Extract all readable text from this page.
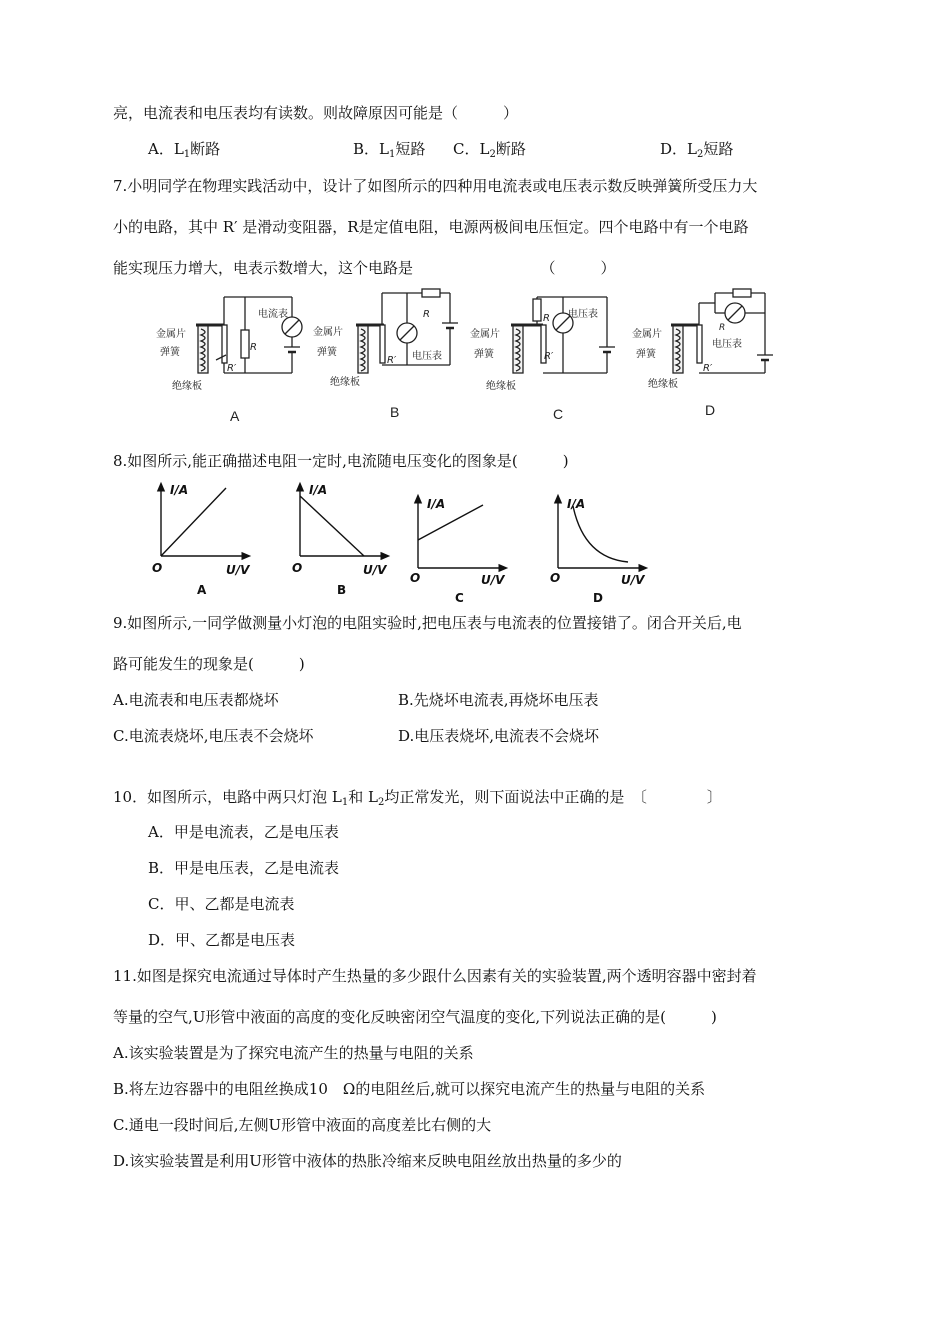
亮，电流表和电压表均有读数。则故障原因可能是（　　　）
A．$L_1$断路	B．$L_1$短路 C．$L_2$断路	D．$L_2$短路
7.小明同学在物理实践活动中，设计了如图所示的四种用电流表或电压表示数反映弹簧所受压力大
小的电路，其中 R′ 是滑动变阻器，R是定值电阻，电源两极间电压恒定。四个电路中有一个电路
能实现压力增大，电表示数增大，这个电路是　　　　　　　　　（　　　）
电流表
金属片
弹簧
绝缘板
R
R′
A
金属片
弹簧
绝缘板
电压表
R
R′
B
金属片
弹簧
绝缘板
电压表
R
R′
C
金属片
弹簧
绝缘板
电压表
R
R′
D
8.如图所示,能正确描述电阻一定时,电流随电压变化的图象是(　　　)
I/A
O	U/V
A
I/A
O	U/V
B
I/A
O	U/V
C
I/A
O	U/V
D
9.如图所示,一同学做测量小灯泡的电阻实验时,把电压表与电流表的位置接错了。闭合开关后,电
路可能发生的现象是(　　　)
A.电流表和电压表都烧坏	B.先烧坏电流表,再烧坏电压表
C.电流表烧坏,电压表不会烧坏	D.电压表烧坏,电流表不会烧坏
10．如图所示，电路中两只灯泡 $L_1$和 $L_2$均正常发光，则下面说法中正确的是　〔　　　　〕
A．甲是电流表，乙是电压表
B．甲是电压表，乙是电流表
C．甲、乙都是电流表
D．甲、乙都是电压表
11.如图是探究电流通过导体时产生热量的多少跟什么因素有关的实验装置,两个透明容器中密封着
等量的空气,U形管中液面的高度的变化反映密闭空气温度的变化,下列说法正确的是(　　　)
A.该实验装置是为了探究电流产生的热量与电阻的关系
B.将左边容器中的电阻丝换成10　Ω的电阻丝后,就可以探究电流产生的热量与电阻的关系
C.通电一段时间后,左侧U形管中液面的高度差比右侧的大
D.该实验装置是利用U形管中液体的热胀冷缩来反映电阻丝放出热量的多少的
